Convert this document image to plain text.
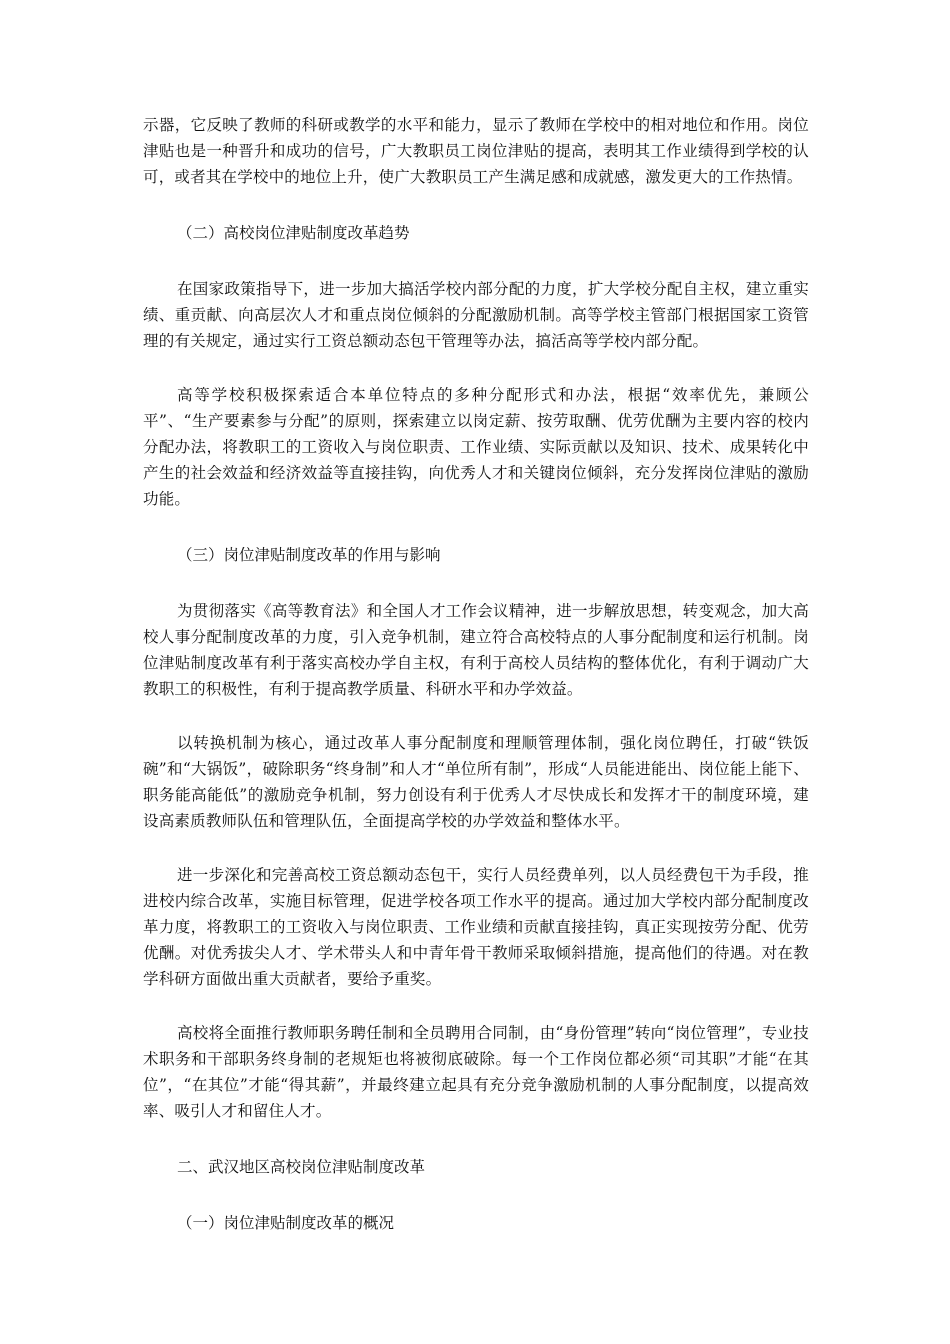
示器，它反映了教师的科研或教学的水平和能力，显示了教师在学校中的相对地位和作用。岗位津贴也是一种晋升和成功的信号，广大教职员工岗位津贴的提高，表明其工作业绩得到学校的认可，或者其在学校中的地位上升，使广大教职员工产生满足感和成就感，激发更大的工作热情。

（二）高校岗位津贴制度改革趋势

在国家政策指导下，进一步加大搞活学校内部分配的力度，扩大学校分配自主权，建立重实绩、重贡献、向高层次人才和重点岗位倾斜的分配激励机制。高等学校主管部门根据国家工资管理的有关规定，通过实行工资总额动态包干管理等办法，搞活高等学校内部分配。

高等学校积极探索适合本单位特点的多种分配形式和办法，根据“效率优先，兼顾公平”、“生产要素参与分配”的原则，探索建立以岗定薪、按劳取酬、优劳优酬为主要内容的校内分配办法，将教职工的工资收入与岗位职责、工作业绩、实际贡献以及知识、技术、成果转化中产生的社会效益和经济效益等直接挂钩，向优秀人才和关键岗位倾斜，充分发挥岗位津贴的激励功能。

（三）岗位津贴制度改革的作用与影响

为贯彻落实《高等教育法》和全国人才工作会议精神，进一步解放思想，转变观念，加大高校人事分配制度改革的力度，引入竞争机制，建立符合高校特点的人事分配制度和运行机制。岗位津贴制度改革有利于落实高校办学自主权，有利于高校人员结构的整体优化，有利于调动广大教职工的积极性，有利于提高教学质量、科研水平和办学效益。

以转换机制为核心，通过改革人事分配制度和理顺管理体制，强化岗位聘任，打破“铁饭碗”和“大锅饭”，破除职务“终身制”和人才“单位所有制”，形成“人员能进能出、岗位能上能下、职务能高能低”的激励竞争机制，努力创设有利于优秀人才尽快成长和发挥才干的制度环境，建设高素质教师队伍和管理队伍，全面提高学校的办学效益和整体水平。

进一步深化和完善高校工资总额动态包干，实行人员经费单列，以人员经费包干为手段，推进校内综合改革，实施目标管理，促进学校各项工作水平的提高。通过加大学校内部分配制度改革力度，将教职工的工资收入与岗位职责、工作业绩和贡献直接挂钩，真正实现按劳分配、优劳优酬。对优秀拔尖人才、学术带头人和中青年骨干教师采取倾斜措施，提高他们的待遇。对在教学科研方面做出重大贡献者，要给予重奖。

高校将全面推行教师职务聘任制和全员聘用合同制，由“身份管理”转向“岗位管理”，专业技术职务和干部职务终身制的老规矩也将被彻底破除。每一个工作岗位都必须“司其职”才能“在其位”，“在其位”才能“得其薪”，并最终建立起具有充分竞争激励机制的人事分配制度，以提高效率、吸引人才和留住人才。

二、武汉地区高校岗位津贴制度改革

（一）岗位津贴制度改革的概况
